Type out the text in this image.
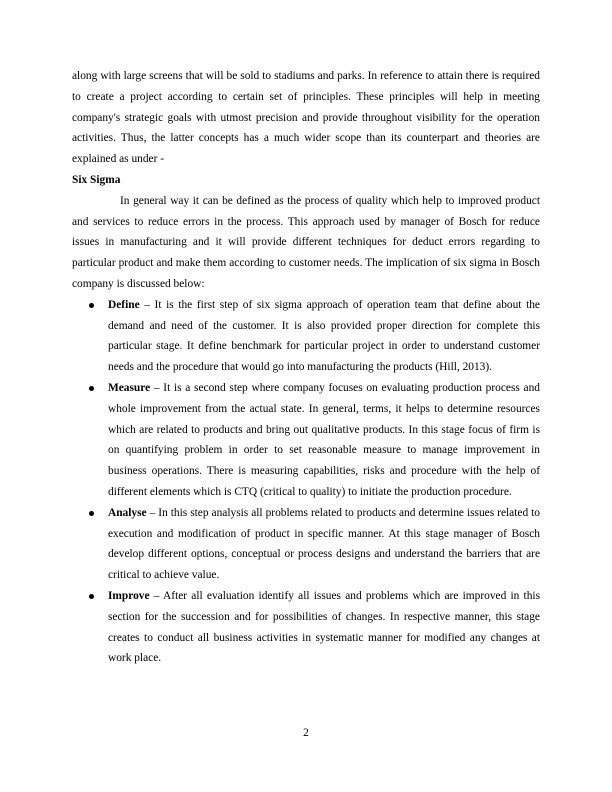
along with large screens that will be sold to stadiums and parks. In reference to attain there is required to create a project according to certain set of principles. These principles will help in meeting company's strategic goals with utmost precision and provide throughout visibility for the operation activities. Thus, the latter concepts has a much wider scope than its counterpart and theories are explained as under -

Six Sigma

In general way it can be defined as the process of quality which help to improved product and services to reduce errors in the process. This approach used by manager of Bosch for reduce issues in manufacturing and it will provide different techniques for deduct errors regarding to particular product and make them according to customer needs. The implication of six sigma in Bosch company is discussed below:

Define – It is the first step of six sigma approach of operation team that define about the demand and need of the customer. It is also provided proper direction for complete this particular stage. It define benchmark for particular project in order to understand customer needs and the procedure that would go into manufacturing the products (Hill, 2013).
Measure – It is a second step where company focuses on evaluating production process and whole improvement from the actual state. In general, terms, it helps to determine resources which are related to products and bring out qualitative products. In this stage focus of firm is on quantifying problem in order to set reasonable measure to manage improvement in business operations. There is measuring capabilities, risks and procedure with the help of different elements which is CTQ (critical to quality) to initiate the production procedure.
Analyse – In this step analysis all problems related to products and determine issues related to execution and modification of product in specific manner. At this stage manager of Bosch develop different options, conceptual or process designs and understand the barriers that are critical to achieve value.
Improve – After all evaluation identify all issues and problems which are improved in this section for the succession and for possibilities of changes. In respective manner, this stage creates to conduct all business activities in systematic manner for modified any changes at work place.
2
